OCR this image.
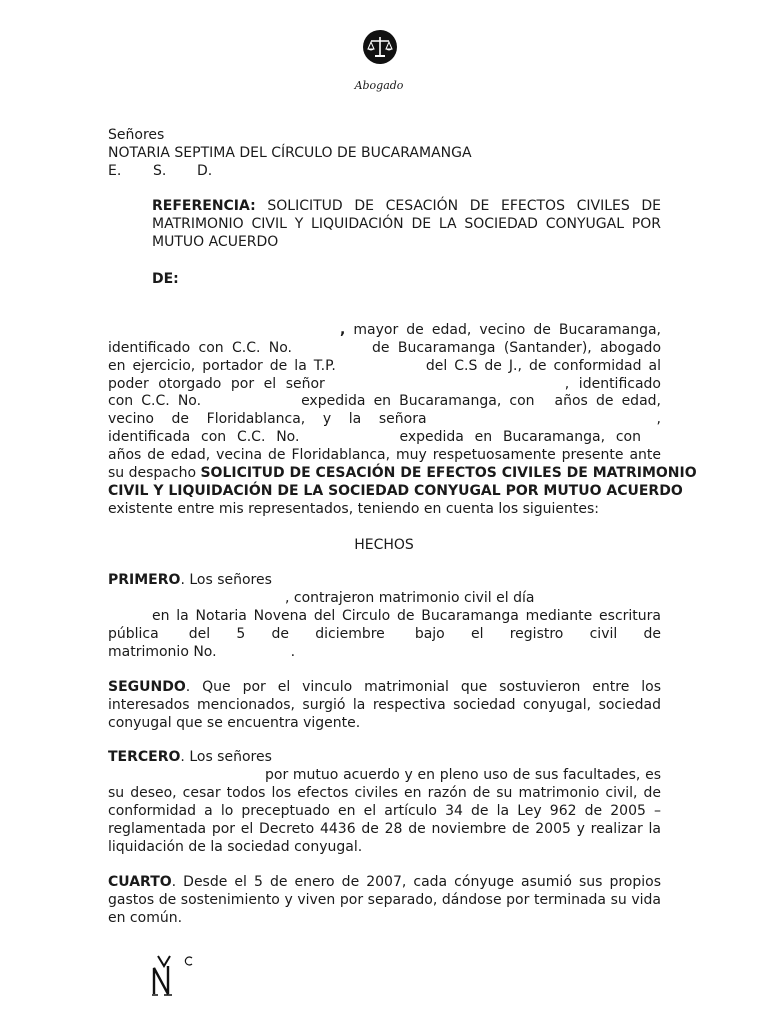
Abogado
Señores
NOTARIA SEPTIMA DEL CÍRCULO DE BUCARAMANGA
E. S. D.
REFERENCIA: SOLICITUD DE CESACIÓN DE EFECTOS CIVILES DE
MATRIMONIO CIVIL Y LIQUIDACIÓN DE LA SOCIEDAD CONYUGAL POR
MUTUO ACUERDO
DE:
, mayor de edad, vecino de Bucaramanga,
identificado con C.C. No.	de Bucaramanga (Santander), abogado
en ejercicio, portador de la T.P.	del C.S de J., de conformidad al
poder otorgado por el señor	, identificado
con C.C. No.	expedida en Bucaramanga, con años de edad,
vecino de Floridablanca, y la señora	,
identificada con C.C. No.	expedida en Bucaramanga, con
años de edad, vecina de Floridablanca, muy respetuosamente presente ante
su despacho SOLICITUD DE CESACIÓN DE EFECTOS CIVILES DE MATRIMONIO
CIVIL Y LIQUIDACIÓN DE LA SOCIEDAD CONYUGAL POR MUTUO ACUERDO
existente entre mis representados, teniendo en cuenta los siguientes:
HECHOS
PRIMERO. Los señores
, contrajeron matrimonio civil el día
en la Notaria Novena del Circulo de Bucaramanga mediante escritura
pública del 5 de diciembre bajo el registro civil de
matrimonio No.	.
SEGUNDO. Que por el vinculo matrimonial que sostuvieron entre los
interesados mencionados, surgió la respectiva sociedad conyugal, sociedad
conyugal que se encuentra vigente.
TERCERO. Los señores
por mutuo acuerdo y en pleno uso de sus facultades, es
su deseo, cesar todos los efectos civiles en razón de su matrimonio civil, de
conformidad a lo preceptuado en el artículo 34 de la Ley 962 de 2005 –
reglamentada por el Decreto 4436 de 28 de noviembre de 2005 y realizar la
liquidación de la sociedad conyugal.
CUARTO. Desde el 5 de enero de 2007, cada cónyuge asumió sus propios
gastos de sostenimiento y viven por separado, dándose por terminada su vida
en común.
